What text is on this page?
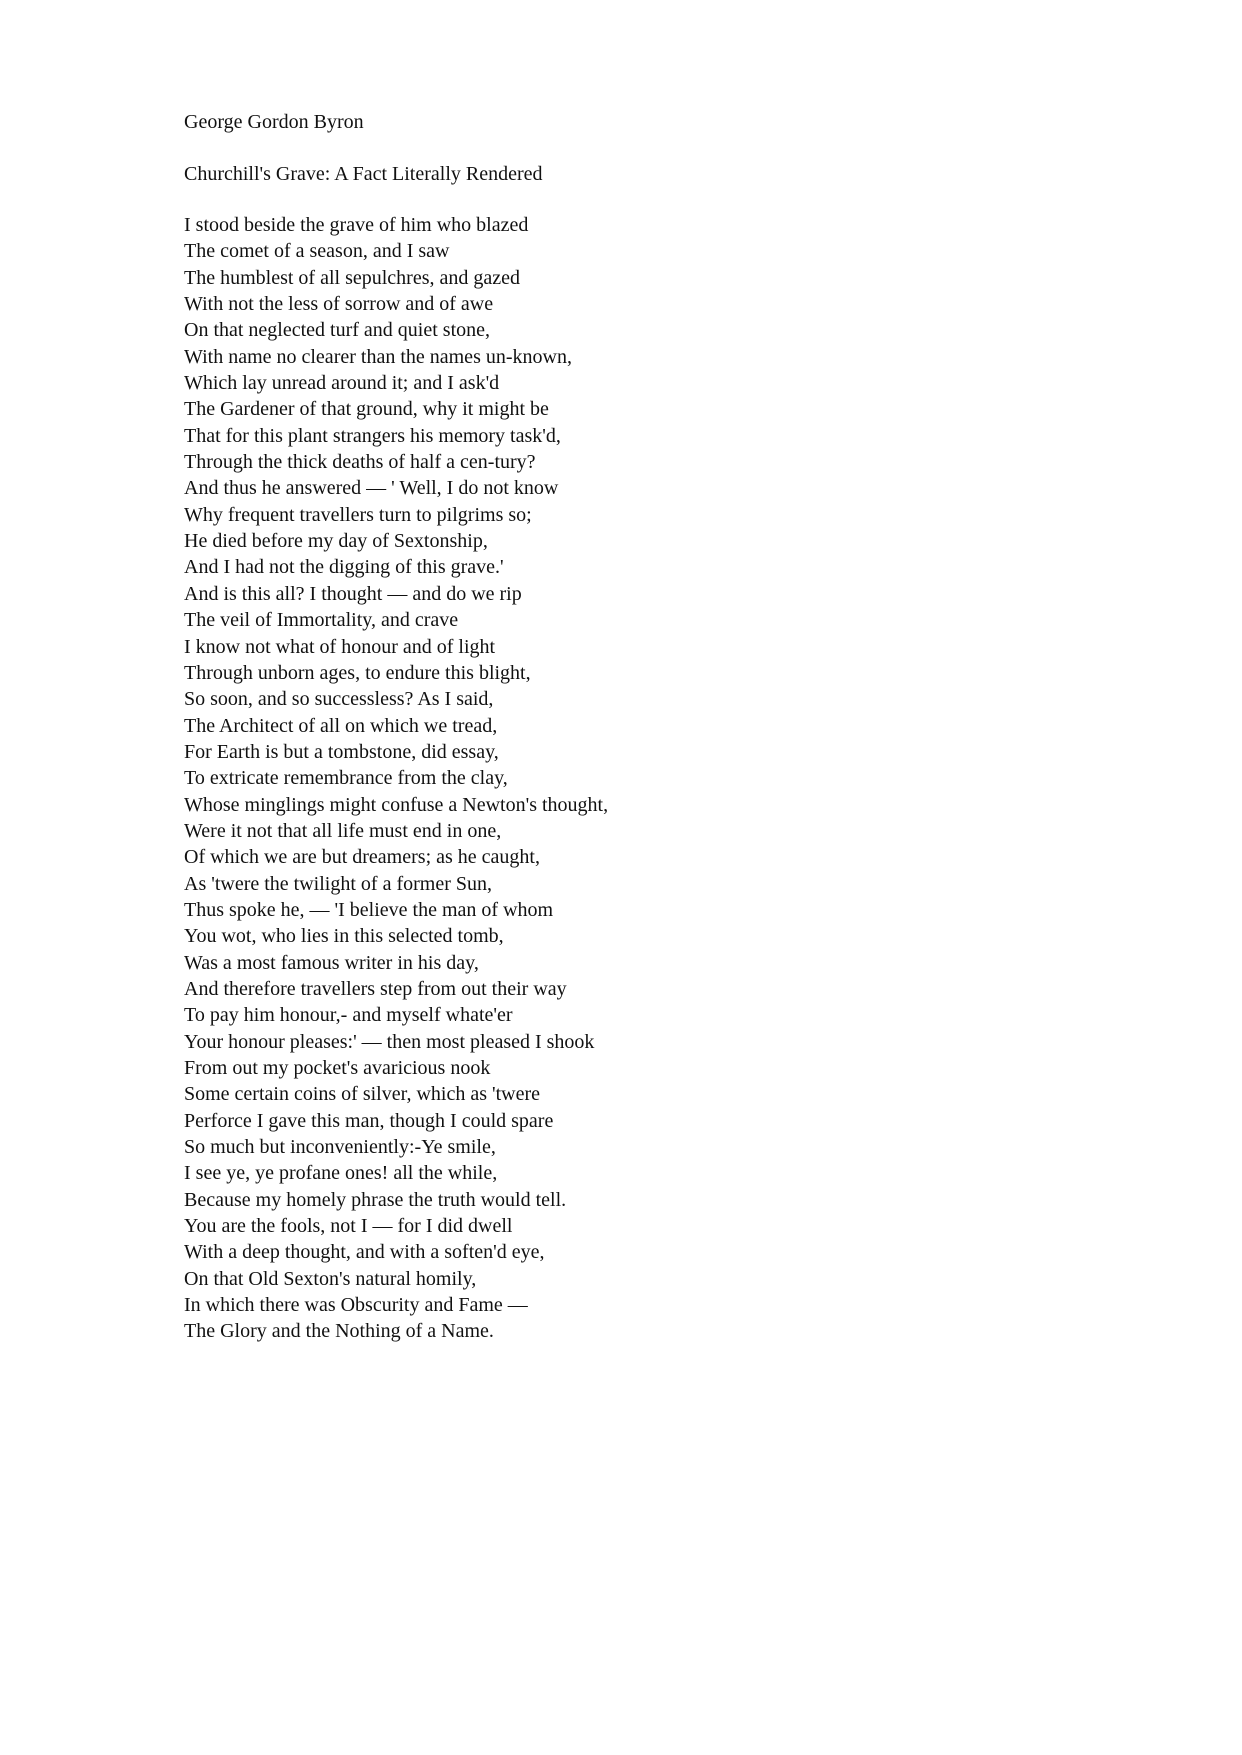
George Gordon Byron

Churchill's Grave: A Fact Literally Rendered

I stood beside the grave of him who blazed
The comet of a season, and I saw
The humblest of all sepulchres, and gazed
With not the less of sorrow and of awe
On that neglected turf and quiet stone,
With name no clearer than the names un-known,
Which lay unread around it; and I ask'd
The Gardener of that ground, why it might be
That for this plant strangers his memory task'd,
Through the thick deaths of half a cen-tury?
And thus he answered — ' Well, I do not know
Why frequent travellers turn to pilgrims so;
He died before my day of Sextonship,
And I had not the digging of this grave.'
And is this all? I thought — and do we rip
The veil of Immortality, and crave
I know not what of honour and of light
Through unborn ages, to endure this blight,
So soon, and so successless? As I said,
The Architect of all on which we tread,
For Earth is but a tombstone, did essay,
To extricate remembrance from the clay,
Whose minglings might confuse a Newton's thought,
Were it not that all life must end in one,
Of which we are but dreamers; as he caught,
As 'twere the twilight of a former Sun,
Thus spoke he, — 'I believe the man of whom
You wot, who lies in this selected tomb,
Was a most famous writer in his day,
And therefore travellers step from out their way
To pay him honour,- and myself whate'er
Your honour pleases:' — then most pleased I shook
From out my pocket's avaricious nook
Some certain coins of silver, which as 'twere
Perforce I gave this man, though I could spare
So much but inconveniently:-Ye smile,
I see ye, ye profane ones! all the while,
Because my homely phrase the truth would tell.
You are the fools, not I — for I did dwell
With a deep thought, and with a soften'd eye,
On that Old Sexton's natural homily,
In which there was Obscurity and Fame —
The Glory and the Nothing of a Name.
